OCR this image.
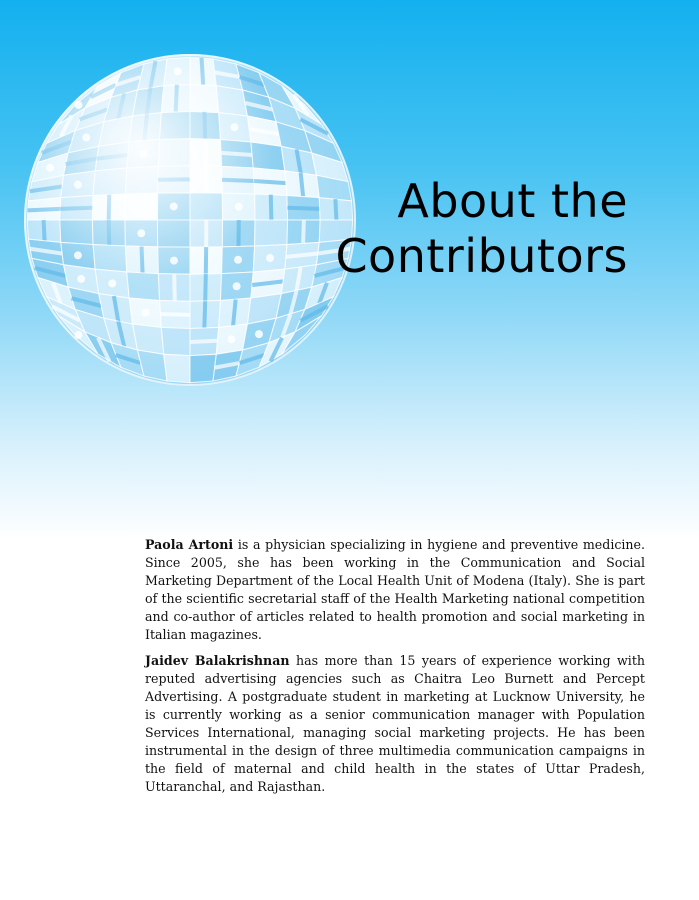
About the
Contributors

Paola Artoni is a physician specializing in hygiene and preventive medicine. Since 2005, she has been working in the Communication and Social Marketing Department of the Local Health Unit of Modena (Italy). She is part of the scientific secretarial staff of the Health Marketing national competition and co-author of articles related to health promotion and social marketing in Italian magazines.

Jaidev Balakrishnan has more than 15 years of experience working with reputed advertising agencies such as Chaitra Leo Burnett and Percept Advertising. A postgraduate student in marketing at Lucknow University, he is currently working as a senior communication manager with Population Services International, managing social marketing projects. He has been instrumental in the design of three multimedia communication campaigns in the field of maternal and child health in the states of Uttar Pradesh, Uttaranchal, and Rajasthan.
